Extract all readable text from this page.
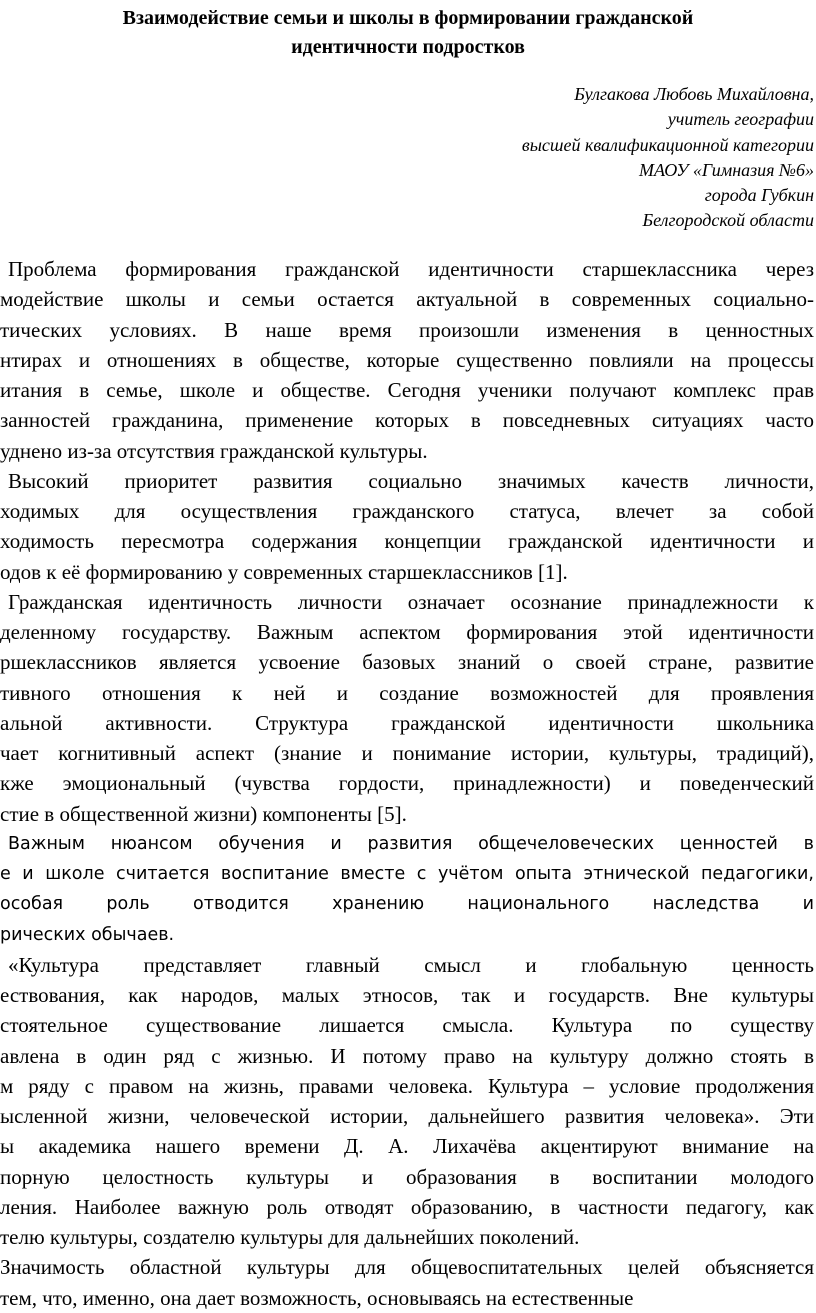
Взаимодействие семьи и школы в формировании гражданской
идентичности подростков
Булгакова Любовь Михайловна,
учитель географии
высшей квалификационной категории
МАОУ «Гимназия №6»
города Губкин
Белгородской области
Проблема формирования гражданской идентичности старшеклассника через
модействие школы и семьи остается актуальной в современных социально-
тических условиях. В наше время произошли изменения в ценностных
нтирах и отношениях в обществе, которые существенно повлияли на процессы
итания в семье, школе и обществе. Сегодня ученики получают комплекс прав
занностей гражданина, применение которых в повседневных ситуациях часто
уднено из-за отсутствия гражданской культуры.
Высокий приоритет развития социально значимых качеств личности,
ходимых для осуществления гражданского статуса, влечет за собой
ходимость пересмотра содержания концепции гражданской идентичности и
одов к её формированию у современных старшеклассников [1].
Гражданская идентичность личности означает осознание принадлежности к
деленному государству. Важным аспектом формирования этой идентичности
ршеклассников является усвоение базовых знаний о своей стране, развитие
тивного отношения к ней и создание возможностей для проявления
альной активности. Структура гражданской идентичности школьника
чает когнитивный аспект (знание и понимание истории, культуры, традиций),
кже эмоциональный (чувства гордости, принадлежности) и поведенческий
стие в общественной жизни) компоненты [5].
Важным нюансом обучения и развития общечеловеческих ценностей в
е и школе считается воспитание вместе с учётом опыта этнической педагогики,
особая роль отводится хранению национального наследства и
рических обычаев.
«Культура представляет главный смысл и глобальную ценность
ествования, как народов, малых этносов, так и государств. Вне культуры
стоятельное существование лишается смысла. Культура по существу
авлена в один ряд с жизнью. И потому право на культуру должно стоять в
м ряду с правом на жизнь, правами человека. Культура – условие продолжения
ысленной жизни, человеческой истории, дальнейшего развития человека». Эти
ы академика нашего времени Д. А. Лихачёва акцентируют внимание на
порную целостность культуры и образования в воспитании молодого
ления. Наиболее важную роль отводят образованию, в частности педагогу, как
телю культуры, создателю культуры для дальнейших поколений.
Значимость областной культуры для общевоспитательных целей объясняется
тем, что, именно, она дает возможность, основываясь на естественные
